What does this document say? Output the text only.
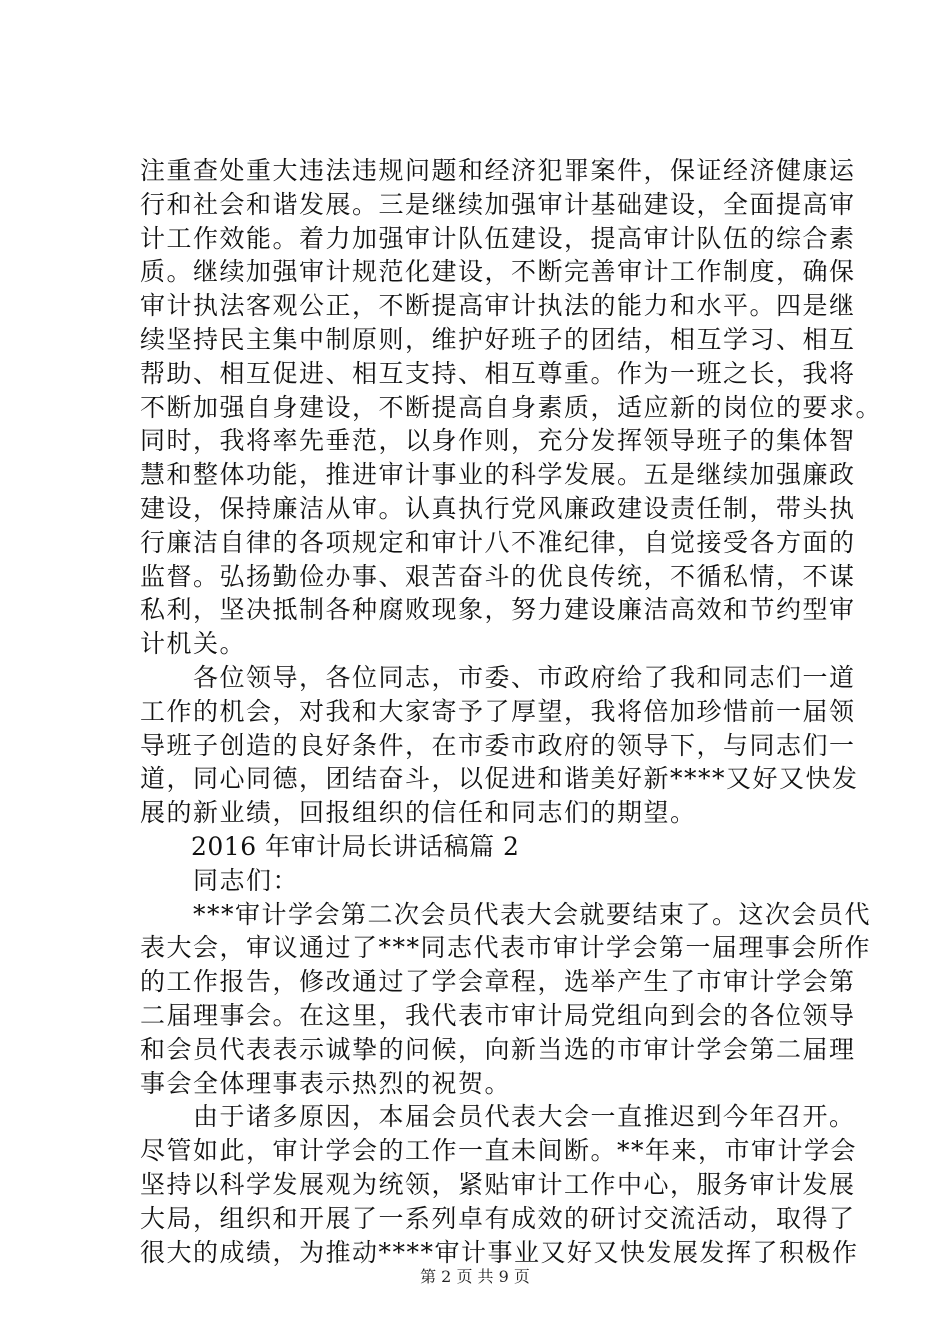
注重查处重大违法违规问题和经济犯罪案件，保证经济健康运
行和社会和谐发展。三是继续加强审计基础建设，全面提高审
计工作效能。着力加强审计队伍建设，提高审计队伍的综合素
质。继续加强审计规范化建设，不断完善审计工作制度，确保
审计执法客观公正，不断提高审计执法的能力和水平。四是继
续坚持民主集中制原则，维护好班子的团结，相互学习、相互
帮助、相互促进、相互支持、相互尊重。作为一班之长，我将
不断加强自身建设，不断提高自身素质，适应新的岗位的要求。
同时，我将率先垂范，以身作则，充分发挥领导班子的集体智
慧和整体功能，推进审计事业的科学发展。五是继续加强廉政
建设，保持廉洁从审。认真执行党风廉政建设责任制，带头执
行廉洁自律的各项规定和审计八不准纪律，自觉接受各方面的
监督。弘扬勤俭办事、艰苦奋斗的优良传统，不循私情，不谋
私利，坚决抵制各种腐败现象，努力建设廉洁高效和节约型审
计机关。
　　各位领导，各位同志，市委、市政府给了我和同志们一道
工作的机会，对我和大家寄予了厚望，我将倍加珍惜前一届领
导班子创造的良好条件，在市委市政府的领导下，与同志们一
道，同心同德，团结奋斗，以促进和谐美好新****又好又快发
展的新业绩，回报组织的信任和同志们的期望。
　　2016 年审计局长讲话稿篇 2
　　同志们：
　　***审计学会第二次会员代表大会就要结束了。这次会员代
表大会，审议通过了***同志代表市审计学会第一届理事会所作
的工作报告，修改通过了学会章程，选举产生了市审计学会第
二届理事会。在这里，我代表市审计局党组向到会的各位领导
和会员代表表示诚挚的问候，向新当选的市审计学会第二届理
事会全体理事表示热烈的祝贺。
　　由于诸多原因，本届会员代表大会一直推迟到今年召开。
尽管如此，审计学会的工作一直未间断。**年来，市审计学会
坚持以科学发展观为统领，紧贴审计工作中心，服务审计发展
大局，组织和开展了一系列卓有成效的研讨交流活动，取得了
很大的成绩，为推动****审计事业又好又快发展发挥了积极作
第 2 页 共 9 页
